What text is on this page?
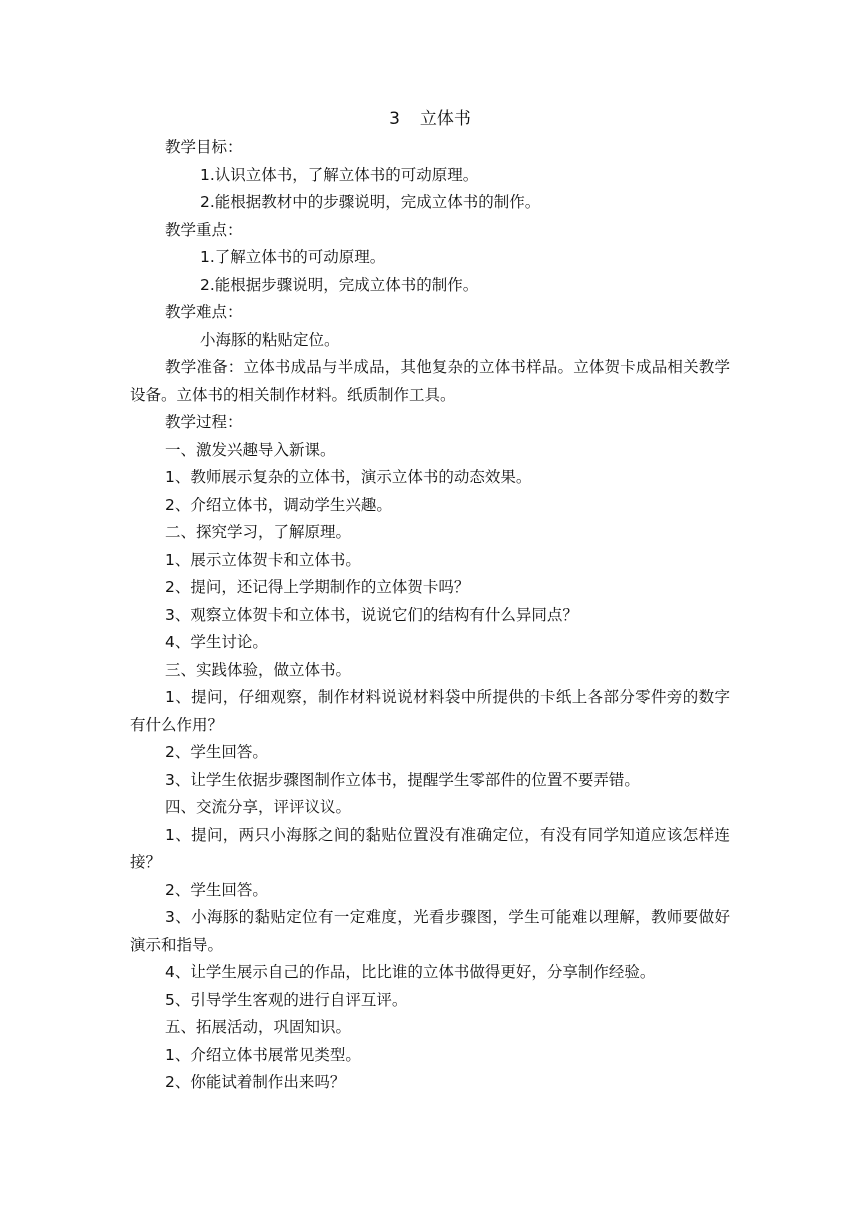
3 立体书
教学目标：
1.认识立体书，了解立体书的可动原理。
2.能根据教材中的步骤说明，完成立体书的制作。
教学重点：
1.了解立体书的可动原理。
2.能根据步骤说明，完成立体书的制作。
教学难点：
小海豚的粘贴定位。
教学准备：立体书成品与半成品，其他复杂的立体书样品。立体贺卡成品相关教学设备。立体书的相关制作材料。纸质制作工具。
教学过程：
一、激发兴趣导入新课。
1、教师展示复杂的立体书，演示立体书的动态效果。
2、介绍立体书，调动学生兴趣。
二、探究学习，了解原理。
1、展示立体贺卡和立体书。
2、提问，还记得上学期制作的立体贺卡吗？
3、观察立体贺卡和立体书，说说它们的结构有什么异同点？
4、学生讨论。
三、实践体验，做立体书。
1、提问，仔细观察，制作材料说说材料袋中所提供的卡纸上各部分零件旁的数字有什么作用？
2、学生回答。
3、让学生依据步骤图制作立体书，提醒学生零部件的位置不要弄错。
四、交流分享，评评议议。
1、提问，两只小海豚之间的黏贴位置没有准确定位，有没有同学知道应该怎样连接？
2、学生回答。
3、小海豚的黏贴定位有一定难度，光看步骤图，学生可能难以理解，教师要做好演示和指导。
4、让学生展示自己的作品，比比谁的立体书做得更好，分享制作经验。
5、引导学生客观的进行自评互评。
五、拓展活动，巩固知识。
1、介绍立体书展常见类型。
2、你能试着制作出来吗？
